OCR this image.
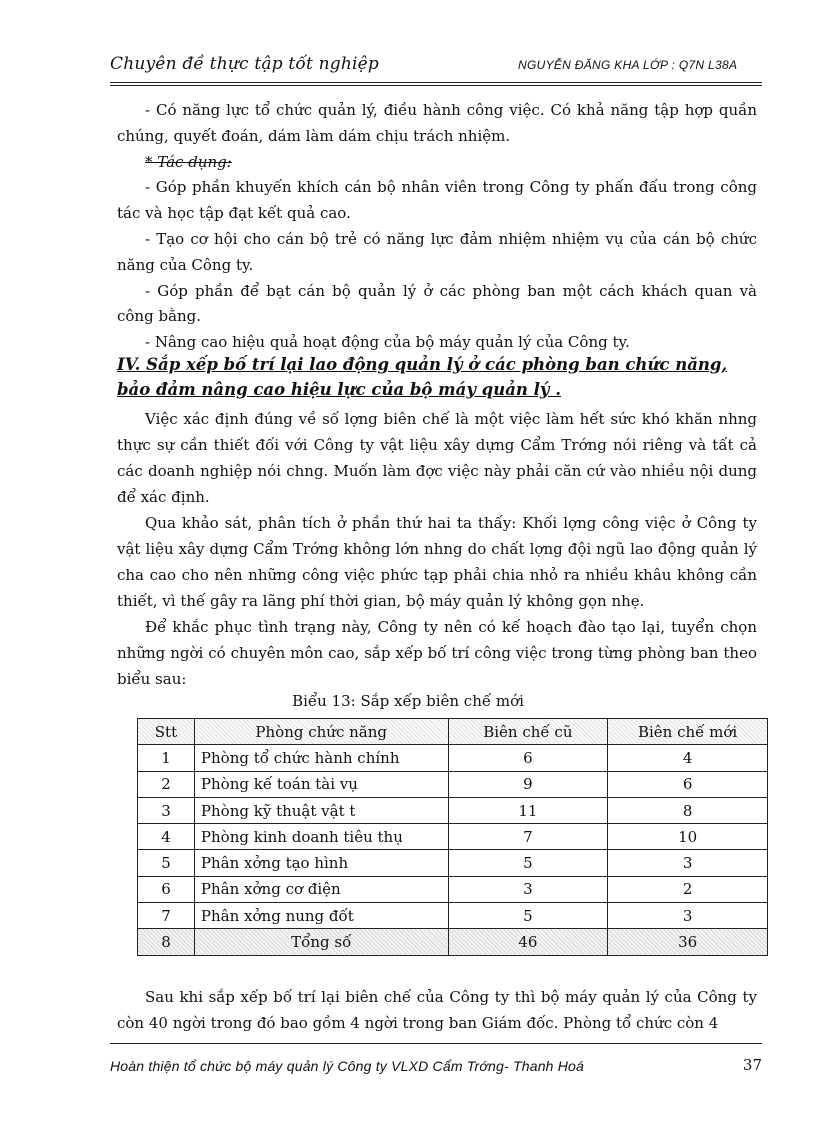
Chuyên đề thực tập tốt nghiệp	NGUYỄN ĐĂNG KHA LỚP : Q7N L38A

- Có năng lực tổ chức quản lý, điều hành công việc. Có khả năng tập hợp quần chúng, quyết đoán, dám làm dám chịu trách nhiệm.

* Tác dụng:

- Góp phần khuyến khích cán bộ nhân viên trong Công ty phấn đấu trong công tác và học tập đạt kết quả cao.

- Tạo cơ hội cho cán bộ trẻ có năng lực đảm nhiệm nhiệm vụ của cán bộ chức năng của Công ty.

- Góp phần để bạt cán bộ quản lý ở các phòng ban một cách khách quan và công bằng.

- Nâng cao hiệu quả hoạt động của bộ máy quản lý của Công ty.

IV. Sắp xếp bố trí lại lao động quản lý ở các phòng ban chức năng, bảo đảm nâng cao hiệu lực của bộ máy quản lý .

Việc xác định đúng về số lợng biên chế là một việc làm hết sức khó khăn nhng thực sự cần thiết đối với Công ty vật liệu xây dựng Cẩm Trớng nói riêng và tất cả các doanh nghiệp nói chng. Muốn làm đợc việc này phải căn cứ vào nhiều nội dung để xác định.

Qua khảo sát, phân tích ở phần thứ hai ta thấy: Khối lợng công việc ở Công ty vật liệu xây dựng Cẩm Trớng không lớn nhng do chất lợng đội ngũ lao động quản lý cha cao cho nên những công việc phức tạp phải chia nhỏ ra nhiều khâu không cần thiết, vì thế gây ra lãng phí thời gian, bộ máy quản lý không gọn nhẹ.

Để khắc phục tình trạng này, Công ty nên có kế hoạch đào tạo lại, tuyển chọn những ngời có chuyên môn cao, sắp xếp bố trí công việc trong từng phòng ban theo biểu sau:

Biểu 13: Sắp xếp biên chế mới
Stt	Phòng chức năng	Biên chế cũ	Biên chế mới
1	Phòng tổ chức hành chính	6	4
2	Phòng kế toán tài vụ	9	6
3	Phòng kỹ thuật vật t	11	8
4	Phòng kinh doanh tiêu thụ	7	10
5	Phân xởng tạo hình	5	3
6	Phân xởng cơ điện	3	2
7	Phân xởng nung đốt	5	3
8	Tổng số	46	36

Sau khi sắp xếp bố trí lại biên chế của Công ty thì bộ máy quản lý của Công ty còn 40 ngời trong đó bao gồm 4 ngời trong ban Giám đốc. Phòng tổ chức còn 4

Hoàn thiện tổ chức bộ máy quản lý Công ty VLXD Cẩm Trớng- Thanh Hoá	37
